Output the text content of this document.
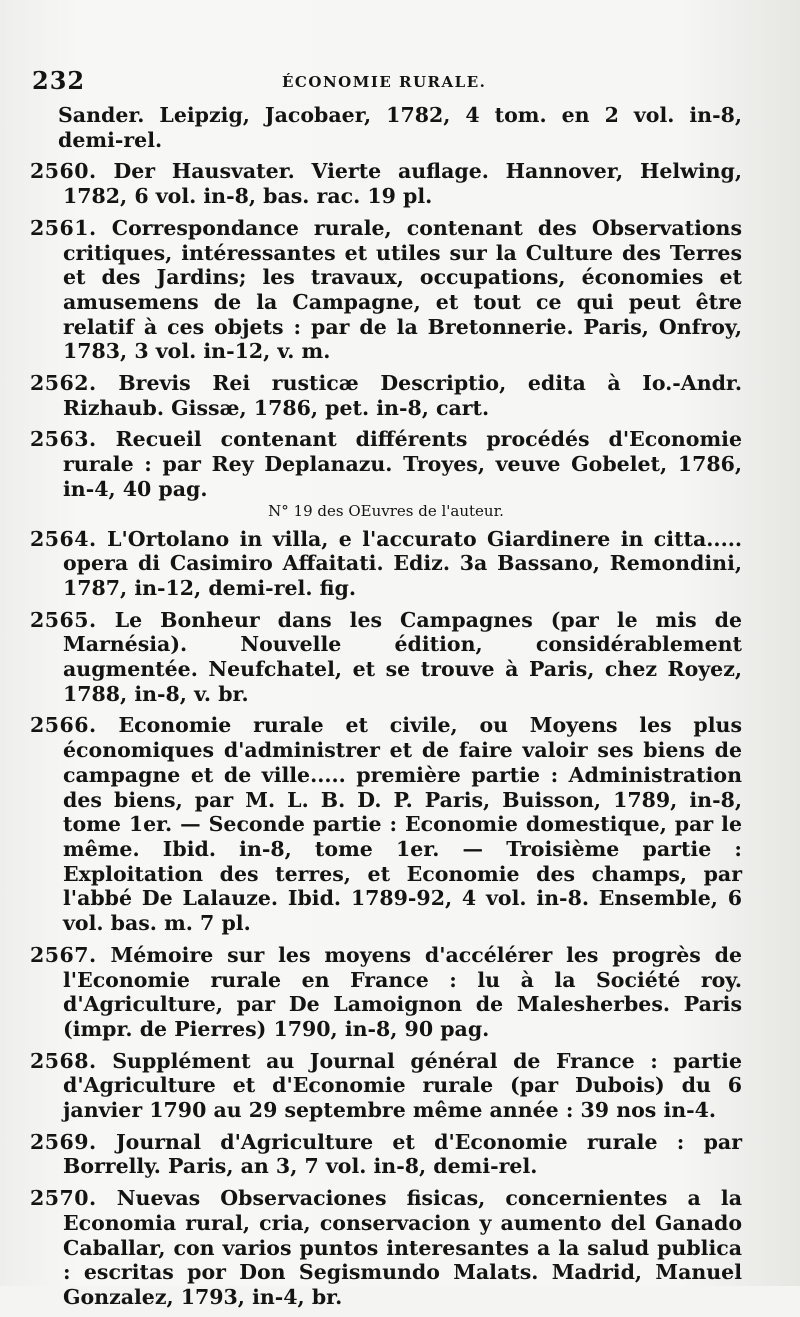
232	ÉCONOMIE RURALE.

Sander. Leipzig, Jacobaer, 1782, 4 tom. en 2 vol. in-8, demi-rel.

2560. Der Hausvater. Vierte auflage. Hannover, Helwing, 1782, 6 vol. in-8, bas. rac. 19 pl.

2561. Correspondance rurale, contenant des Observations critiques, intéressantes et utiles sur la Culture des Terres et des Jardins; les travaux, occupations, économies et amusemens de la Campagne, et tout ce qui peut être relatif à ces objets : par de la Bretonnerie. Paris, Onfroy, 1783, 3 vol. in-12, v. m.

2562. Brevis Rei rusticæ Descriptio, edita à Io.-Andr. Rizhaub. Gissæ, 1786, pet. in-8, cart.

2563. Recueil contenant différents procédés d'Economie rurale : par Rey Deplanazu. Troyes, veuve Gobelet, 1786, in-4, 40 pag.
N° 19 des OEuvres de l'auteur.

2564. L'Ortolano in villa, e l'accurato Giardinere in citta..... opera di Casimiro Affaitati. Ediz. 3a Bassano, Remondini, 1787, in-12, demi-rel. fig.

2565. Le Bonheur dans les Campagnes (par le mis de Marnésia). Nouvelle édition, considérablement augmentée. Neufchatel, et se trouve à Paris, chez Royez, 1788, in-8, v. br.

2566. Economie rurale et civile, ou Moyens les plus économiques d'administrer et de faire valoir ses biens de campagne et de ville..... première partie : Administration des biens, par M. L. B. D. P. Paris, Buisson, 1789, in-8, tome 1er. — Seconde partie : Economie domestique, par le même. Ibid. in-8, tome 1er. — Troisième partie : Exploitation des terres, et Economie des champs, par l'abbé De Lalauze. Ibid. 1789-92, 4 vol. in-8. Ensemble, 6 vol. bas. m. 7 pl.

2567. Mémoire sur les moyens d'accélérer les progrès de l'Economie rurale en France : lu à la Société roy. d'Agriculture, par De Lamoignon de Malesherbes. Paris (impr. de Pierres) 1790, in-8, 90 pag.

2568. Supplément au Journal général de France : partie d'Agriculture et d'Economie rurale (par Dubois) du 6 janvier 1790 au 29 septembre même année : 39 nos in-4.

2569. Journal d'Agriculture et d'Economie rurale : par Borrelly. Paris, an 3, 7 vol. in-8, demi-rel.

2570. Nuevas Observaciones fisicas, concernientes a la Economia rural, cria, conservacion y aumento del Ganado Caballar, con varios puntos interesantes a la salud publica : escritas por Don Segismundo Malats. Madrid, Manuel Gonzalez, 1793, in-4, br.
